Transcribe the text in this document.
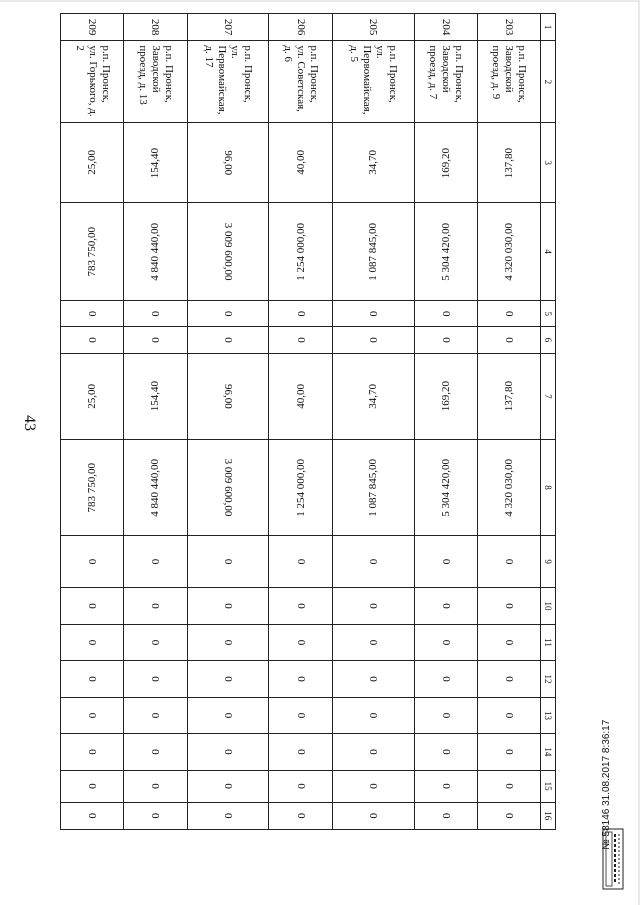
43
1	2	3	4	5	6	7	8	9	10	11	12	13	14	15	16
203	р.п. Пронск, Заводской проезд, д. 9	137,80	4 320 030,00	0	0	137,80	4 320 030,00	0	0	0	0	0	0	0	0
204	р.п. Пронск, Заводской проезд, д. 7	169,20	5 304 420,00	0	0	169,20	5 304 420,00	0	0	0	0	0	0	0	0
205	р.п. Пронск, ул. Первомайская, д. 5	34,70	1 087 845,00	0	0	34,70	1 087 845,00	0	0	0	0	0	0	0	0
206	р.п. Пронск, ул. Советская, д. 6	40,00	1 254 000,00	0	0	40,00	1 254 000,00	0	0	0	0	0	0	0	0
207	р.п. Пронск, ул. Первомайская, д. 17	96,00	3 009 600,00	0	0	96,00	3 009 600,00	0	0	0	0	0	0	0	0
208	р.п. Пронск, Заводской проезд, д. 13	154,40	4 840 440,00	0	0	154,40	4 840 440,00	0	0	0	0	0	0	0	0
209	р.п. Пронск, ул. Горького, д. 2	25,00	783 750,00	0	0	25,00	783 750,00	0	0	0	0	0	0	0	0	№ 58146 31.08.2017 8:36:17
